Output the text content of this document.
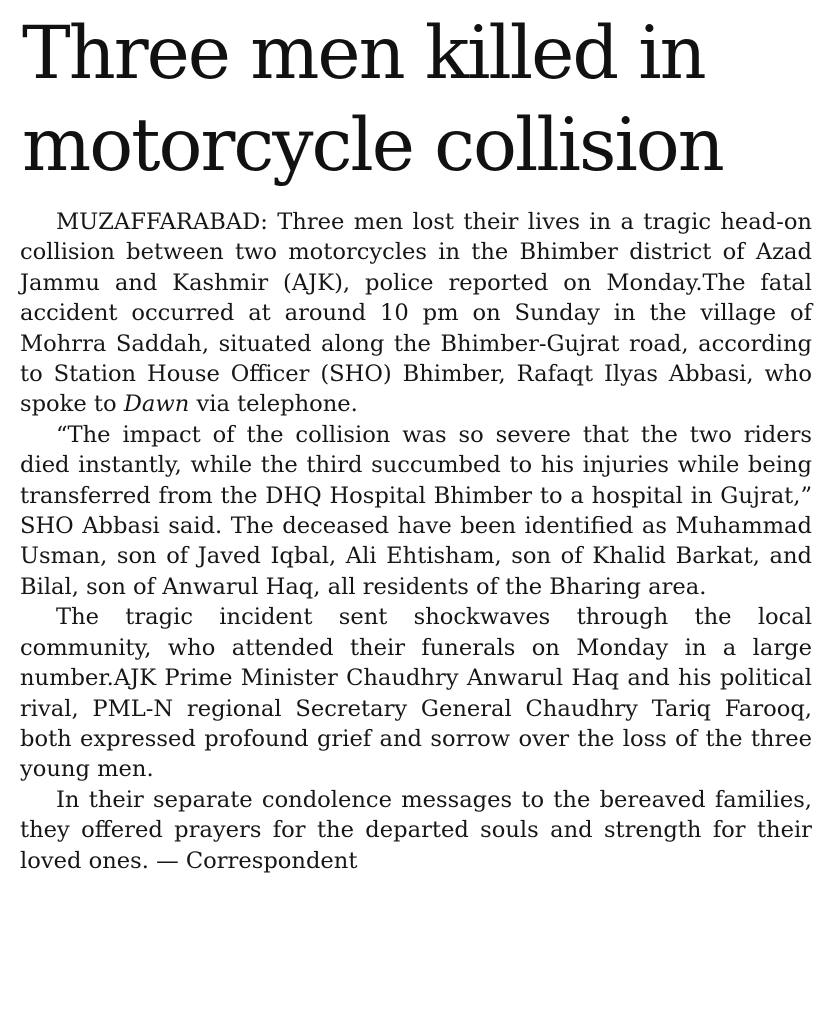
Three men killed in
motorcycle collision

MUZAFFARABAD: Three men lost their lives in a tragic head-on collision between two motorcycles in the Bhimber district of Azad Jammu and Kashmir (AJK), police reported on Monday.The fatal accident occurred at around 10 pm on Sunday in the village of Mohrra Saddah, situated along the Bhimber-Gujrat road, according to Station House Officer (SHO) Bhimber, Rafaqt Ilyas Abbasi, who spoke to Dawn via telephone.

“The impact of the collision was so severe that the two riders died instantly, while the third succumbed to his injuries while being transferred from the DHQ Hospital Bhimber to a hospital in Gujrat,” SHO Abbasi said. The deceased have been identified as Muhammad Usman, son of Javed Iqbal, Ali Ehtisham, son of Khalid Barkat, and Bilal, son of Anwarul Haq, all residents of the Bharing area.

The tragic incident sent shockwaves through the local community, who attended their funerals on Monday in a large number.AJK Prime Minister Chaudhry Anwarul Haq and his political rival, PML-N regional Secretary General Chaudhry Tariq Farooq, both expressed profound grief and sorrow over the loss of the three young men.

In their separate condolence messages to the bereaved families, they offered prayers for the departed souls and strength for their loved ones. — Correspondent
